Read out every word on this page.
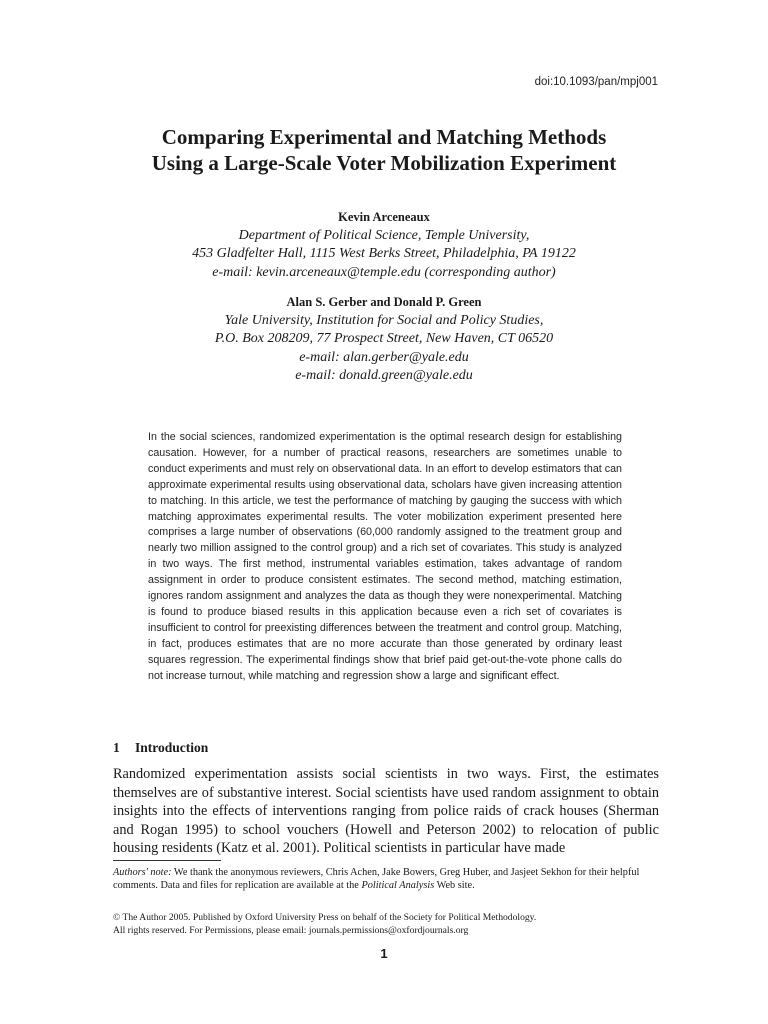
doi:10.1093/pan/mpj001
Comparing Experimental and Matching Methods
Using a Large-Scale Voter Mobilization Experiment
Kevin Arceneaux
Department of Political Science, Temple University,
453 Gladfelter Hall, 1115 West Berks Street, Philadelphia, PA 19122
e-mail: kevin.arceneaux@temple.edu (corresponding author)
Alan S. Gerber and Donald P. Green
Yale University, Institution for Social and Policy Studies,
P.O. Box 208209, 77 Prospect Street, New Haven, CT 06520
e-mail: alan.gerber@yale.edu
e-mail: donald.green@yale.edu
In the social sciences, randomized experimentation is the optimal research design for establishing causation. However, for a number of practical reasons, researchers are sometimes unable to conduct experiments and must rely on observational data. In an effort to develop estimators that can approximate experimental results using observational data, scholars have given increasing attention to matching. In this article, we test the performance of matching by gauging the success with which matching approximates experimental results. The voter mobilization experiment presented here comprises a large number of observations (60,000 randomly assigned to the treatment group and nearly two million assigned to the control group) and a rich set of covariates. This study is analyzed in two ways. The first method, instrumental variables estimation, takes advantage of random assignment in order to produce consistent estimates. The second method, matching estimation, ignores random assignment and analyzes the data as though they were nonexperimental. Matching is found to produce biased results in this application because even a rich set of covariates is insufficient to control for preexisting differences between the treatment and control group. Matching, in fact, produces estimates that are no more accurate than those generated by ordinary least squares regression. The experimental findings show that brief paid get-out-the-vote phone calls do not increase turnout, while matching and regression show a large and significant effect.
1 Introduction
Randomized experimentation assists social scientists in two ways. First, the estimates themselves are of substantive interest. Social scientists have used random assignment to obtain insights into the effects of interventions ranging from police raids of crack houses (Sherman and Rogan 1995) to school vouchers (Howell and Peterson 2002) to relocation of public housing residents (Katz et al. 2001). Political scientists in particular have made
Authors' note: We thank the anonymous reviewers, Chris Achen, Jake Bowers, Greg Huber, and Jasjeet Sekhon for their helpful comments. Data and files for replication are available at the Political Analysis Web site.
© The Author 2005. Published by Oxford University Press on behalf of the Society for Political Methodology.
All rights reserved. For Permissions, please email: journals.permissions@oxfordjournals.org
1
